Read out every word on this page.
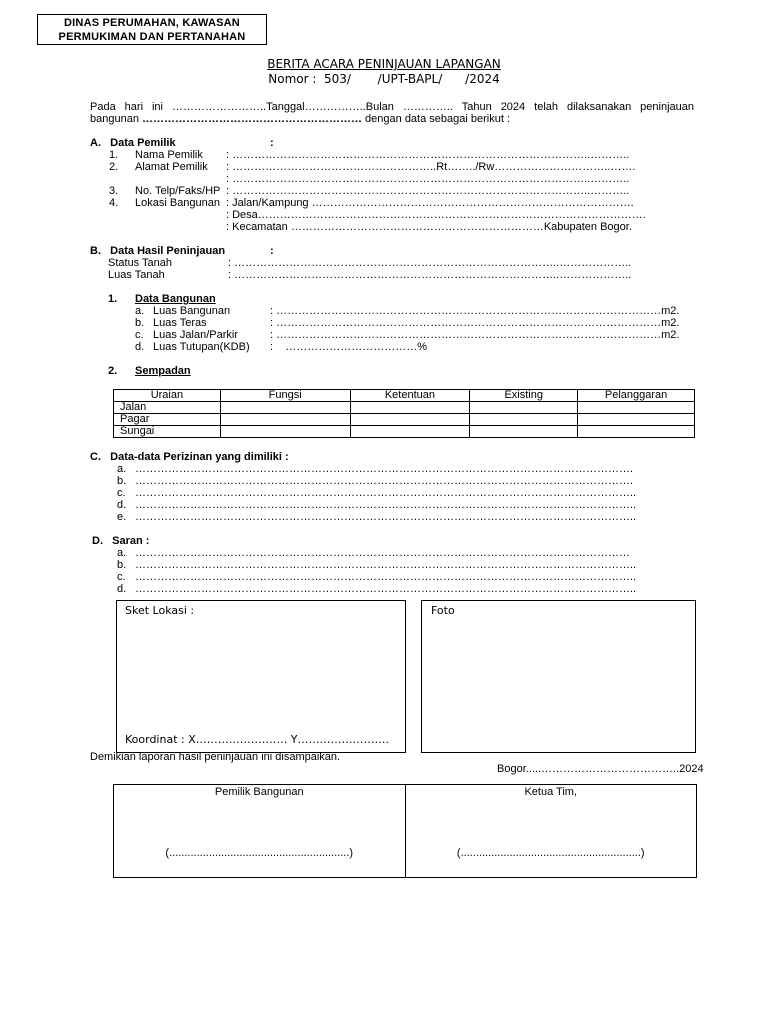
DINAS PERUMAHAN, KAWASAN
PERMUKIMAN DAN PERTANAHAN
BERITA ACARA PENINJAUAN LAPANGAN
Nomor :  503/       /UPT-BAPL/      /2024
Pada hari ini ……………………..Tanggal……………..Bulan ………….. Tahun 2024 telah dilaksanakan peninjauan
bangunan …………………………………………………… dengan data sebagai berikut :
A.   Data Pemilik	:
1. Nama Pemilik : ……………………………………………………………………………………..………..
2. Alamat Pemilik : ………………………………………………..Rt……../Rw…………………………..…….
: ……………………………………………………………………………………..………..
3. No. Telp/Faks/HP : ……………………………………………………………………………………..………..
4. Lokasi Bangunan : Jalan/Kampung …………………………………………………………………………….
: Desa…………………………………………………………………………………………….
: Kecamatan ……………………………………………………………Kabupaten Bogor.
B.   Data Hasil Peninjauan	:
Status Tanah	: ……………………………………………………………………………..………………..
Luas Tanah	: ……………………………………………………………………………..………………..
1. Data Bangunan
a. Luas Bangunan	: ……………………………………………………………………………………………m2.
b. Luas Teras	: ……………………………………………………………………………………………m2.
c. Luas Jalan/Parkir	: ……………………………………………………………………………………………m2.
d. Luas Tutupan(KDB) :    ………………………………%
2. Sempadan
Uraian	Fungsi	Ketentuan	Existing	Pelanggaran
Jalan				
Pagar				
Sungai				
C.   Data-data Perizinan yang dimiliki :
a. ……………………………………………………………………………………………………………………….
b. ……………………………………………………………………………………………………………………….
c. ………………………………………………………………………………………………………………………..
d. ………………………………………………………………………………………………………………………..
e. ………………………………………………………………………………………………………………………..
D.   Saran :
a. ………………………………………………………………………………………………………………………
b. ………………………………………………………………………………………………………………………..
c. ………………………………………………………………………………………………………………………..
d. ………………………………………………………………………………………………………………………..
Sket Lokasi :
Koordinat : X……………………. Y…………………….
Foto
Demikian laporan hasil peninjauan ini disampaikan.
Bogor.....………………………………..2024
Pemilik Bangunan
(...........................................................)

Ketua Tim,
(...........................................................)
